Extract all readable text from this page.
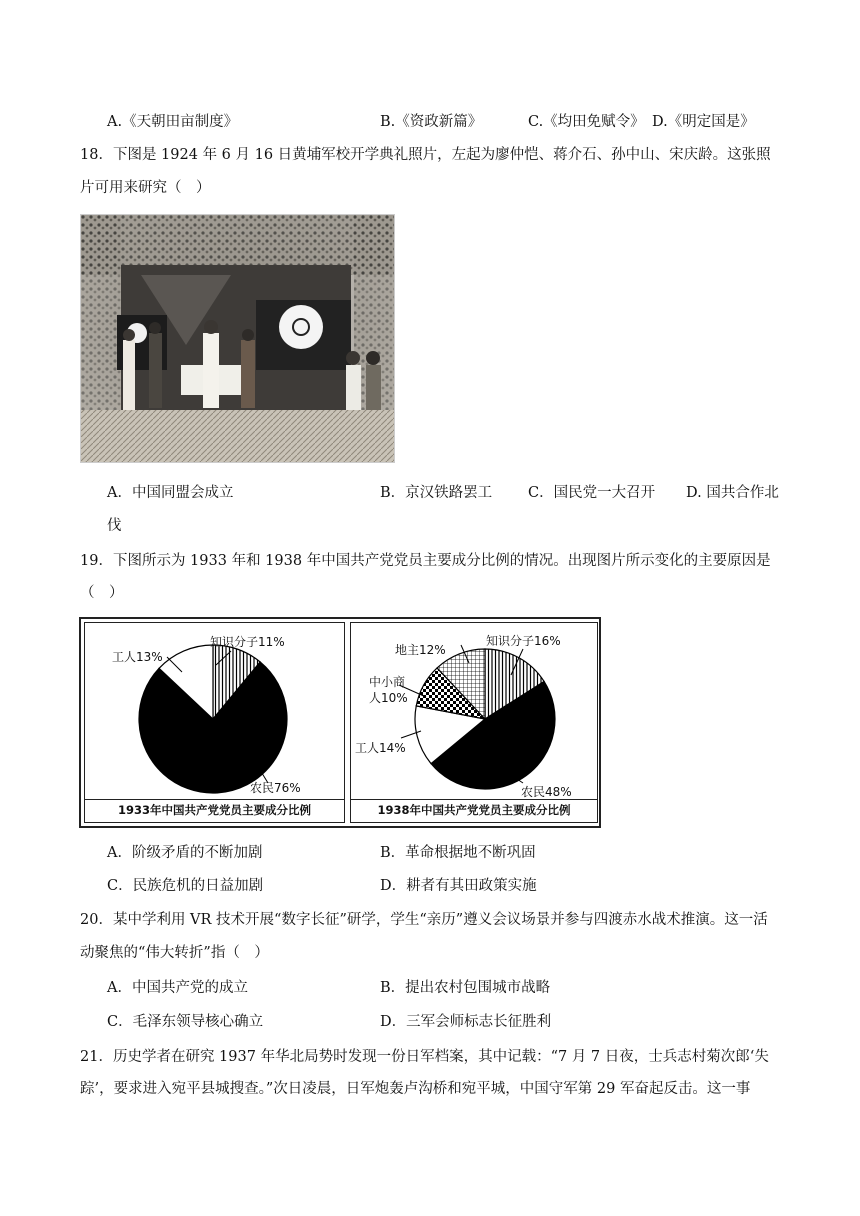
A.《天朝田亩制度》	B.《资政新篇》	C.《均田免赋令》 D.《明定国是》
18．下图是 1924 年 6 月 16 日黄埔军校开学典礼照片，左起为廖仲恺、蒋介石、孙中山、宋庆龄。这张照
片可用来研究（　）
A．中国同盟会成立	B．京汉铁路罢工 C．国民党一大召开 D. 国共合作北
伐
19．下图所示为 1933 年和 1938 年中国共产党党员主要成分比例的情况。出现图片所示变化的主要原因是
（　）
知识分子11%
工人13%
农民76%
1933年中国共产党党员主要成分比例
地主12%
知识分子16%
中小商
人10%
工人14%
农民48%
1938年中国共产党党员主要成分比例
A．阶级矛盾的不断加剧	B．革命根据地不断巩固
C．民族危机的日益加剧	D．耕者有其田政策实施
20．某中学利用 VR 技术开展“数字长征”研学，学生“亲历”遵义会议场景并参与四渡赤水战术推演。这一活
动聚焦的“伟大转折”指（　）
A．中国共产党的成立	B．提出农村包围城市战略
C．毛泽东领导核心确立	D．三军会师标志长征胜利
21．历史学者在研究 1937 年华北局势时发现一份日军档案，其中记载：“7 月 7 日夜，士兵志村菊次郎‘失
踪’，要求进入宛平县城搜查。”次日凌晨，日军炮轰卢沟桥和宛平城，中国守军第 29 军奋起反击。这一事
